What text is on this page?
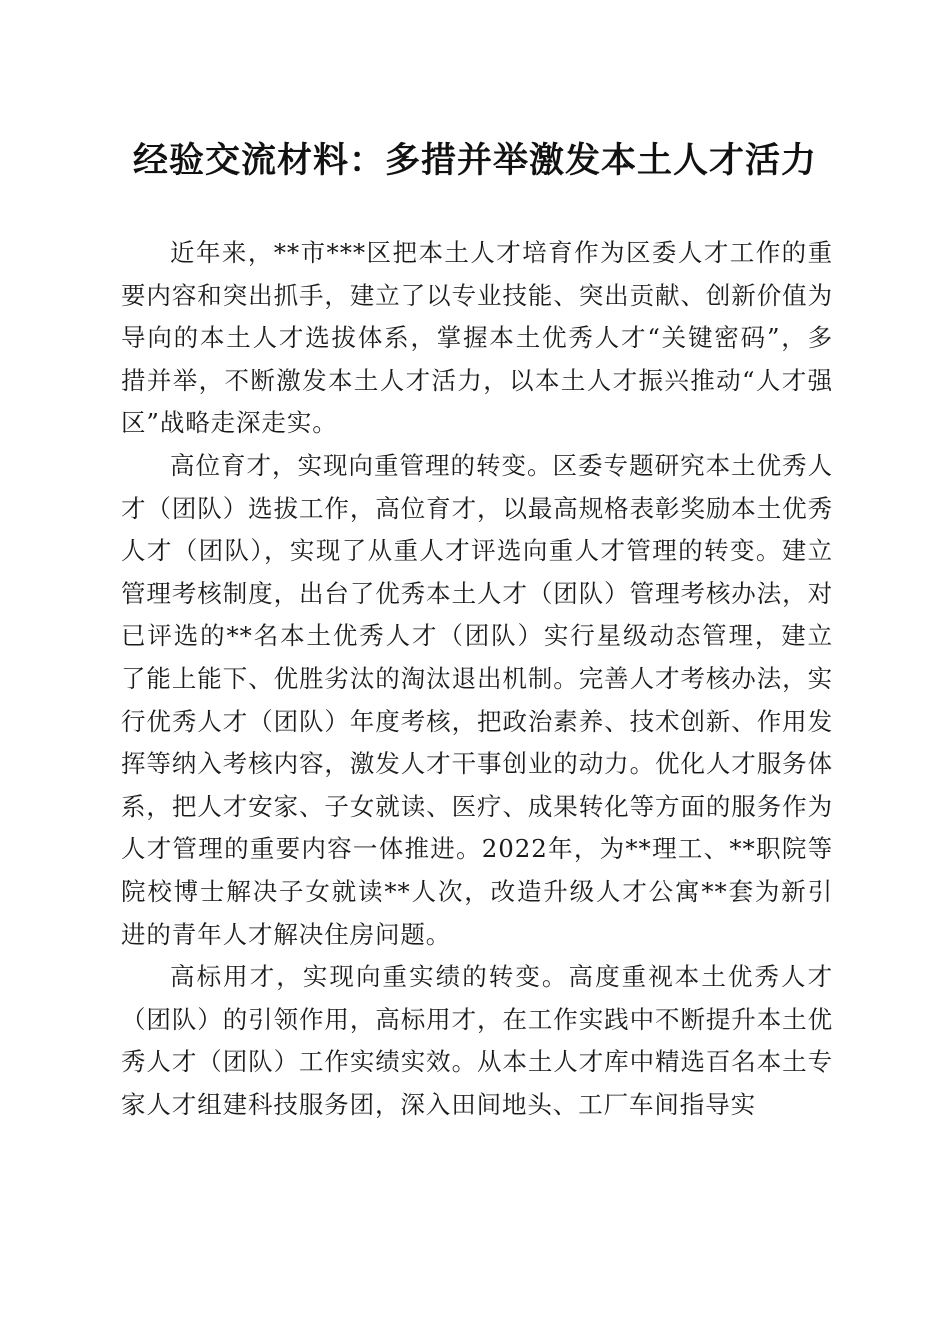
经验交流材料：多措并举激发本土人才活力

近年来，**市***区把本土人才培育作为区委人才工作的重要内容和突出抓手，建立了以专业技能、突出贡献、创新价值为导向的本土人才选拔体系，掌握本土优秀人才“关键密码”，多措并举，不断激发本土人才活力，以本土人才振兴推动“人才强区”战略走深走实。

高位育才，实现向重管理的转变。区委专题研究本土优秀人才（团队）选拔工作，高位育才，以最高规格表彰奖励本土优秀人才（团队），实现了从重人才评选向重人才管理的转变。建立管理考核制度，出台了优秀本土人才（团队）管理考核办法，对已评选的**名本土优秀人才（团队）实行星级动态管理，建立了能上能下、优胜劣汰的淘汰退出机制。完善人才考核办法，实行优秀人才（团队）年度考核，把政治素养、技术创新、作用发挥等纳入考核内容，激发人才干事创业的动力。优化人才服务体系，把人才安家、子女就读、医疗、成果转化等方面的服务作为人才管理的重要内容一体推进。2022年，为**理工、**职院等院校博士解决子女就读**人次，改造升级人才公寓**套为新引进的青年人才解决住房问题。

高标用才，实现向重实绩的转变。高度重视本土优秀人才（团队）的引领作用，高标用才，在工作实践中不断提升本土优秀人才（团队）工作实绩实效。从本土人才库中精选百名本土专家人才组建科技服务团，深入田间地头、工厂车间指导实
